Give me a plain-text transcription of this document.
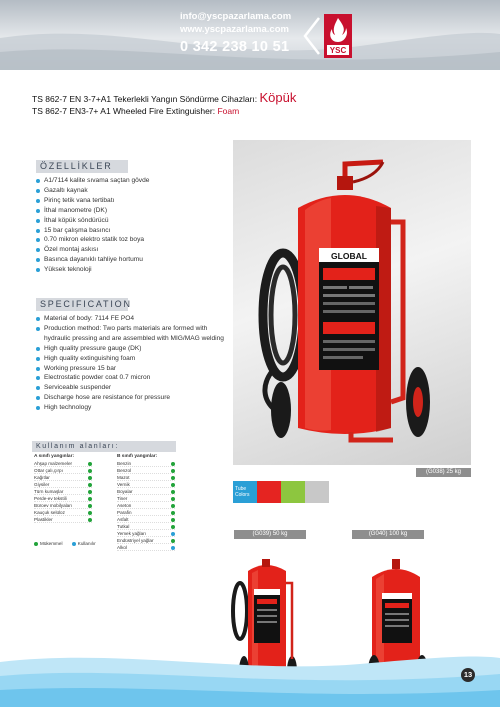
info@yscpazarlama.com
www.yscpazarlama.com
0 342 238 10 51	YSC
TS 862-7 EN 3-7+A1 Tekerlekli Yangın Söndürme Cihazları: Köpük
TS 862-7 EN3-7+ A1 Wheeled Fire Extinguisher: Foam
ÖZELLİKLER
A1/7114 kalite sıvama saçtan gövde
Gazaltı kaynak
Pirinç tetik vana tertibatı
İthal manometre (DK)
İthal köpük söndürücü
15 bar çalışma basıncı
0.70 mikron elektro statik toz boya
Özel montaj askısı
Basınca dayanıklı tahliye hortumu
Yüksek teknoloji
SPECIFICATION
Material of body: 7114 FE PO4
Production method: Two parts materials are formed with hydraulic pressing and are assembled with MIG/MAG welding
High quality pressure gauge (DK)
High quality extinguishing foam
Working pressure 15 bar
Electrostatic powder coat 0.7 micron
Serviceable suspender
Discharge hose are resistance for pressure
High technology
Kullanım alanları:
A sınıfı yangınlar:
Ahşap malzemeler
Ottar çalı,çırpı
Kağıtlar
Giysiler
Türn kumaşlar
Perde-ev tekstili
Büroev mobilyaları
Kauçuk selüloz
Plastikler
B sınıfı yangınlar:
Benzin
Benzol
Mazot
Vernik
Boyalar
Tiner
Aseton
Parafin
Asfalt
Tutkal
Yemek yağları
Endüstriyel yağlar
Alkol
Mükemmel	Kullanılır
GLOBAL
(G038) 25 kg
Tube Colors
(G039) 50 kg	(G040) 100 kg
13
